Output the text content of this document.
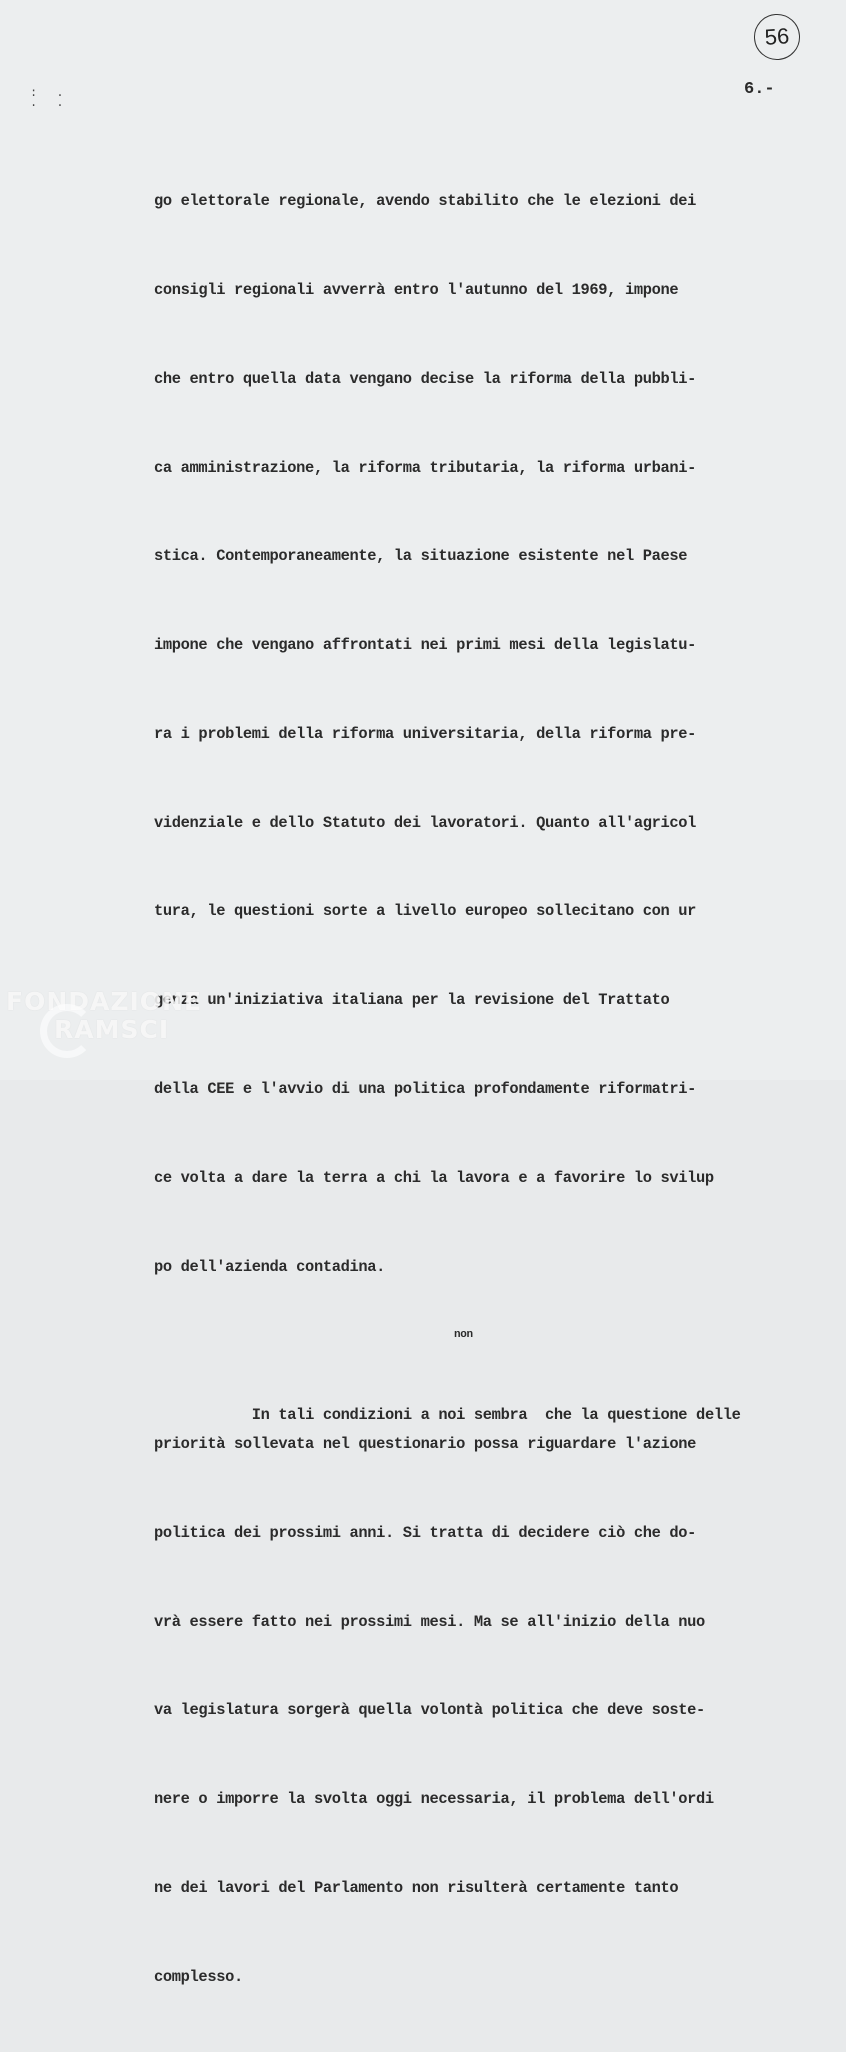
56
: .
. .
6.-

go elettorale regionale, avendo stabilito che le elezioni dei

consigli regionali avverrà entro l'autunno del 1969, impone

che entro quella data vengano decise la riforma della pubbli-

ca amministrazione, la riforma tributaria, la riforma urbani-

stica. Contemporaneamente, la situazione esistente nel Paese

impone che vengano affrontati nei primi mesi della legislatu-

ra i problemi della riforma universitaria, della riforma pre-

videnziale e dello Statuto dei lavoratori. Quanto all'agricol

tura, le questioni sorte a livello europeo sollecitano con ur

genza un'iniziativa italiana per la revisione del Trattato

della CEE e l'avvio di una politica profondamente riformatri-

ce volta a dare la terra a chi la lavora e a favorire lo svilup

po dell'azienda contadina.

non

In tali condizioni a noi sembra  che la questione delle

priorità sollevata nel questionario possa riguardare l'azione

politica dei prossimi anni. Si tratta di decidere ciò che do-

vrà essere fatto nei prossimi mesi. Ma se all'inizio della nuo

va legislatura sorgerà quella volontà politica che deve soste-

nere o imporre la svolta oggi necessaria, il problema dell'ordi

ne dei lavori del Parlamento non risulterà certamente tanto

complesso.

FONDAZIONE
RAMSCI
